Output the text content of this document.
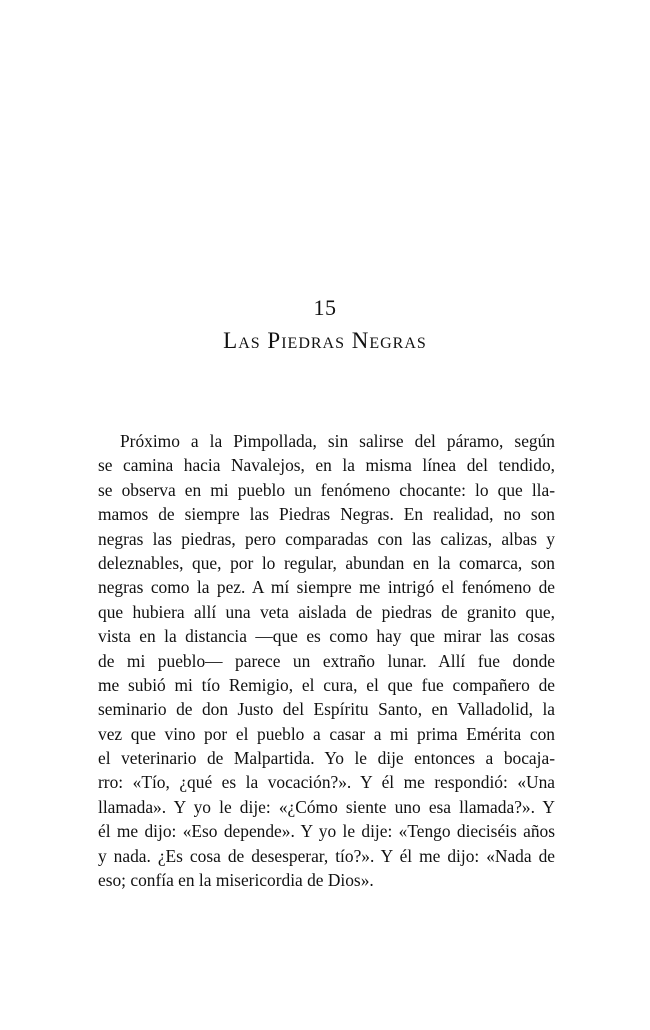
15
Las Piedras Negras
Próximo a la Pimpollada, sin salirse del páramo, según
se camina hacia Navalejos, en la misma línea del tendido,
se observa en mi pueblo un fenómeno chocante: lo que lla-
mamos de siempre las Piedras Negras. En realidad, no son
negras las piedras, pero comparadas con las calizas, albas y
deleznables, que, por lo regular, abundan en la comarca, son
negras como la pez. A mí siempre me intrigó el fenómeno de
que hubiera allí una veta aislada de piedras de granito que,
vista en la distancia —que es como hay que mirar las cosas
de mi pueblo— parece un extraño lunar. Allí fue donde
me subió mi tío Remigio, el cura, el que fue compañero de
seminario de don Justo del Espíritu Santo, en Valladolid, la
vez que vino por el pueblo a casar a mi prima Emérita con
el veterinario de Malpartida. Yo le dije entonces a bocaja-
rro: «Tío, ¿qué es la vocación?». Y él me respondió: «Una
llamada». Y yo le dije: «¿Cómo siente uno esa llamada?». Y
él me dijo: «Eso depende». Y yo le dije: «Tengo dieciséis años
y nada. ¿Es cosa de desesperar, tío?». Y él me dijo: «Nada de
eso; confía en la misericordia de Dios».
